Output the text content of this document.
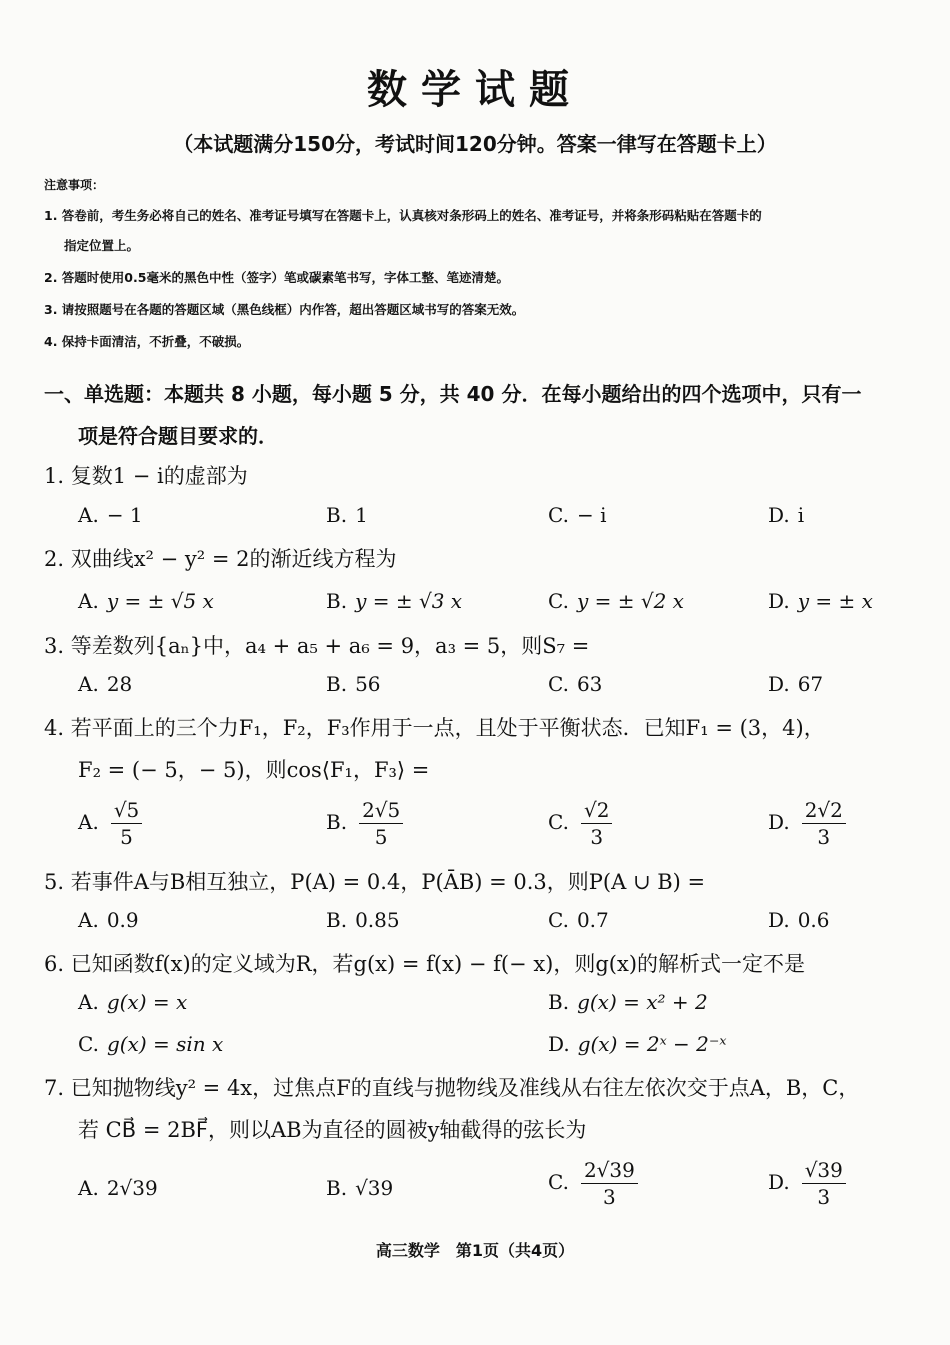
数学试题
（本试题满分150分，考试时间120分钟。答案一律写在答题卡上）
注意事项：
1. 答卷前，考生务必将自己的姓名、准考证号填写在答题卡上，认真核对条形码上的姓名、准考证号，并将条形码粘贴在答题卡的
指定位置上。
2. 答题时使用0.5毫米的黑色中性（签字）笔或碳素笔书写，字体工整、笔迹清楚。
3. 请按照题号在各题的答题区域（黑色线框）内作答，超出答题区域书写的答案无效。
4. 保持卡面清洁，不折叠，不破损。
一、单选题：本题共 8 小题，每小题 5 分，共 40 分．在每小题给出的四个选项中，只有一
项是符合题目要求的．
1. 复数1 − i的虚部为
A. − 1	B. 1	C. − i	D. i
2. 双曲线x² − y² = 2的渐近线方程为
A. y = ± √5 x	B. y = ± √3 x	C. y = ± √2 x	D. y = ± x
3. 等差数列{aₙ}中，a₄ + a₅ + a₆ = 9，a₃ = 5，则S₇ =
A. 28	B. 56	C. 63	D. 67
4. 若平面上的三个力F₁，F₂，F₃作用于一点，且处于平衡状态．已知F₁ = (3，4)，
F₂ = (− 5，− 5)，则cos⟨F₁，F₃⟩ =
A. $\frac{√5}{5}$	B. $\frac{2√5}{5}$	C. $\frac{√2}{3}$	D. $\frac{2√2}{3}$
5. 若事件A与B相互独立，P(A) = 0.4，P(ĀB) = 0.3，则P(A ∪ B) =
A. 0.9	B. 0.85	C. 0.7	D. 0.6
6. 已知函数f(x)的定义域为R，若g(x) = f(x) − f(− x)，则g(x)的解析式一定不是
A. g(x) = x	B. g(x) = x² + 2
C. g(x) = sin x	D. g(x) = 2ˣ − 2⁻ˣ
7. 已知抛物线y² = 4x，过焦点F的直线与抛物线及准线从右往左依次交于点A，B，C，
若 CB⃗ = 2BF⃗，则以AB为直径的圆被y轴截得的弦长为
A. 2√39	B. √39	C. $\frac{2√39}{3}$	D. $\frac{√39}{3}$
高三数学　第1页（共4页）
